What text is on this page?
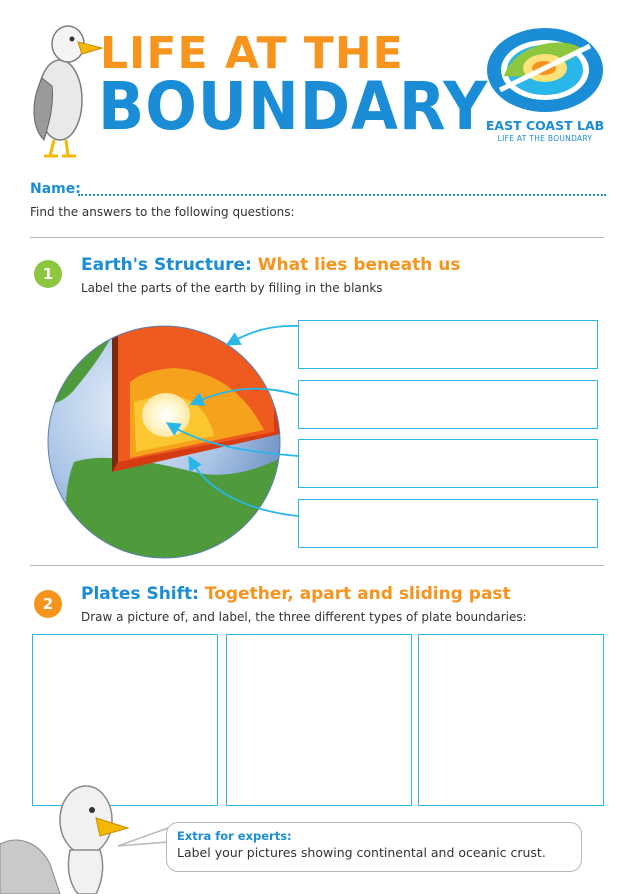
LIFE AT THE
BOUNDARY
EAST COAST LAB
LIFE AT THE BOUNDARY
Name:
Find the answers to the following questions:
1	Earth's Structure: What lies beneath us
Label the parts of the earth by filling in the blanks
2	Plates Shift: Together, apart and sliding past
Draw a picture of, and label, the three different types of plate boundaries:
Extra for experts:
Label your pictures showing continental and oceanic crust.
